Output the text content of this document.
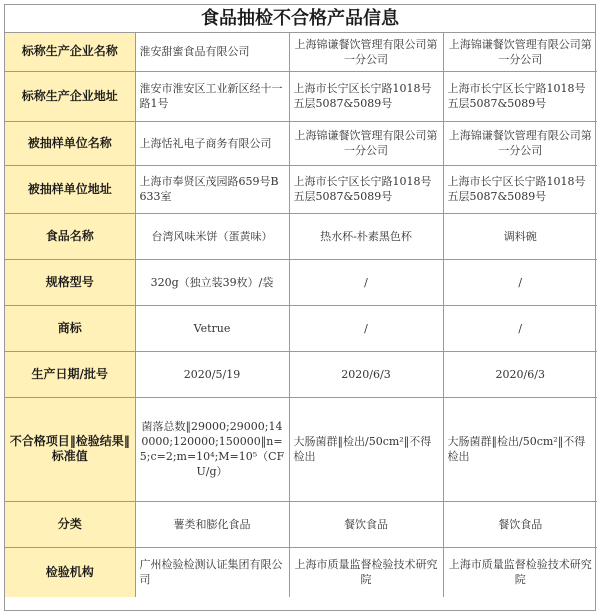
食品抽检不合格产品信息
标称生产企业名称	淮安甜蜜食品有限公司	上海锦谦餐饮管理有限公司第一分公司	上海锦谦餐饮管理有限公司第一分公司
标称生产企业地址	淮安市淮安区工业新区经十一路1号	上海市长宁区长宁路1018号五层5087&5089号	上海市长宁区长宁路1018号五层5087&5089号
被抽样单位名称	上海恬礼电子商务有限公司	上海锦谦餐饮管理有限公司第一分公司	上海锦谦餐饮管理有限公司第一分公司
被抽样单位地址	上海市奉贤区茂园路659号B633室	上海市长宁区长宁路1018号五层5087&5089号	上海市长宁区长宁路1018号五层5087&5089号
食品名称	台湾风味米饼（蛋黄味）	热水杯-朴素黑色杯	调料碗
规格型号	320g（独立装39枚）/袋	/	/
商标	Vetrue	/	/
生产日期/批号	2020/5/19	2020/6/3	2020/6/3
不合格项目‖检验结果‖标准值	菌落总数‖29000;29000;140000;120000;150000‖n=5;c=2;m=10⁴;M=10⁵（CFU/g）	大肠菌群‖检出/50cm²‖不得检出	大肠菌群‖检出/50cm²‖不得检出
分类	薯类和膨化食品	餐饮食品	餐饮食品
检验机构	广州检验检测认证集团有限公司	上海市质量监督检验技术研究院	上海市质量监督检验技术研究院
